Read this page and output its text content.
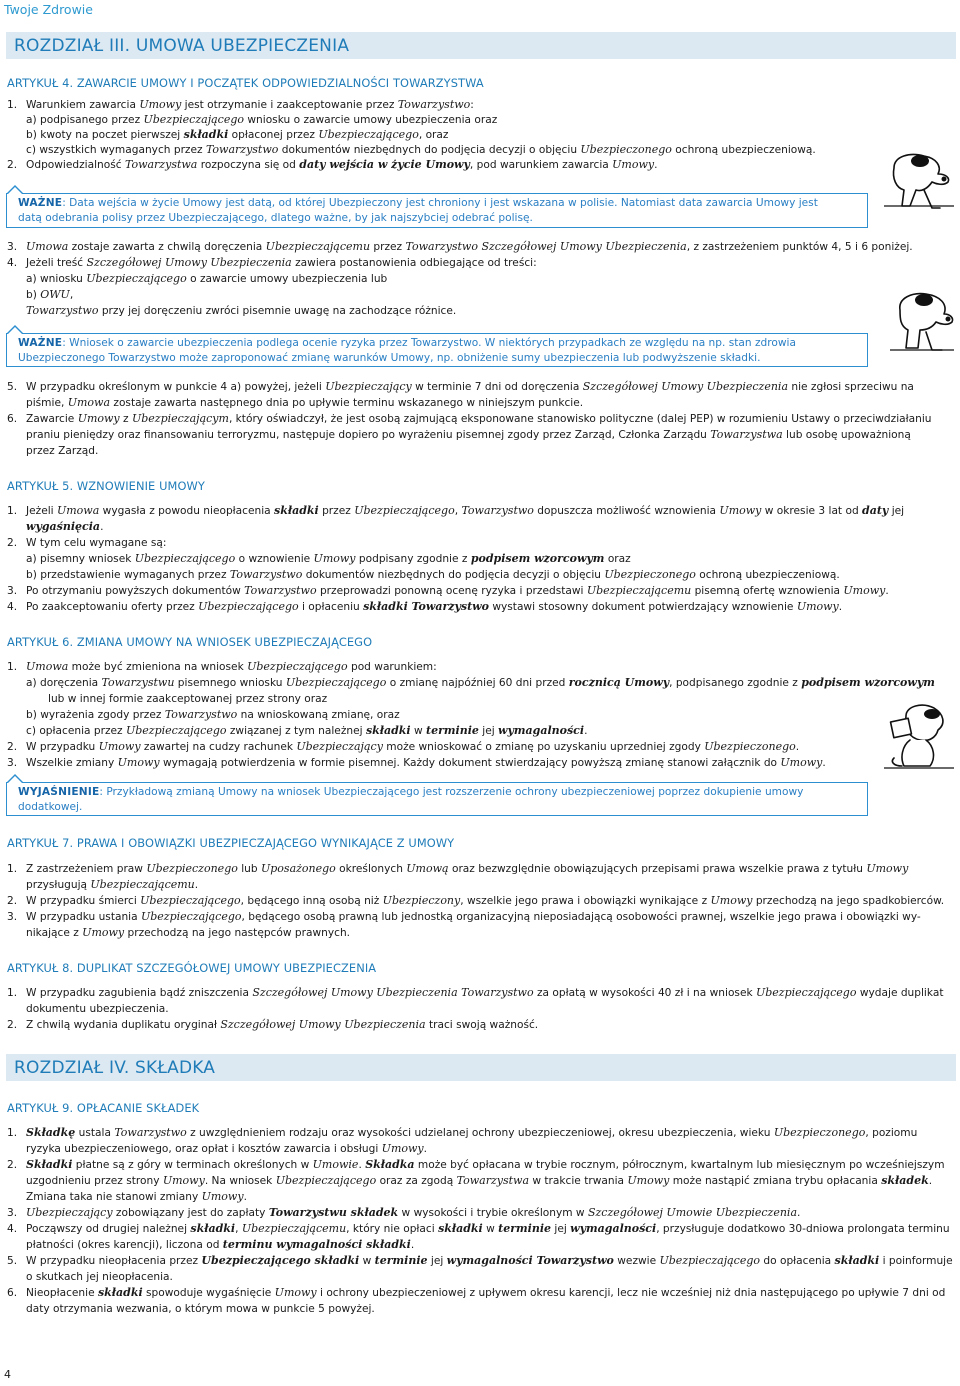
Twoje Zdrowie
ROZDZIAŁ III. UMOWA UBEZPIECZENIA
ARTYKUŁ 4. ZAWARCIE UMOWY I POCZĄTEK ODPOWIEDZIALNOŚCI TOWARZYSTWA
1. Warunkiem zawarcia Umowy jest otrzymanie i zaakceptowanie przez Towarzystwo:
a) podpisanego przez Ubezpieczającego wniosku o zawarcie umowy ubezpieczenia oraz
b) kwoty na poczet pierwszej składki opłaconej przez Ubezpieczającego, oraz
c) wszystkich wymaganych przez Towarzystwo dokumentów niezbędnych do podjęcia decyzji o objęciu Ubezpieczonego ochroną ubezpieczeniową.
2. Odpowiedzialność Towarzystwa rozpoczyna się od daty wejścia w życie Umowy, pod warunkiem zawarcia Umowy.
WAŻNE: Data wejścia w życie Umowy jest datą, od której Ubezpieczony jest chroniony i jest wskazana w polisie. Natomiast data zawarcia Umowy jest
datą odebrania polisy przez Ubezpieczającego, dlatego ważne, by jak najszybciej odebrać polisę.
3. Umowa zostaje zawarta z chwilą doręczenia Ubezpieczającemu przez Towarzystwo Szczegółowej Umowy Ubezpieczenia, z zastrzeżeniem punktów 4, 5 i 6 poniżej.
4. Jeżeli treść Szczegółowej Umowy Ubezpieczenia zawiera postanowienia odbiegające od treści:
a) wniosku Ubezpieczającego o zawarcie umowy ubezpieczenia lub
b) OWU,
Towarzystwo przy jej doręczeniu zwróci pisemnie uwagę na zachodzące różnice.
WAŻNE: Wniosek o zawarcie ubezpieczenia podlega ocenie ryzyka przez Towarzystwo. W niektórych przypadkach ze względu na np. stan zdrowia
Ubezpieczonego Towarzystwo może zaproponować zmianę warunków Umowy, np. obniżenie sumy ubezpieczenia lub podwyższenie składki.
5. W przypadku określonym w punkcie 4 a) powyżej, jeżeli Ubezpieczający w terminie 7 dni od doręczenia Szczegółowej Umowy Ubezpieczenia nie zgłosi sprzeciwu na
piśmie, Umowa zostaje zawarta następnego dnia po upływie terminu wskazanego w niniejszym punkcie.
6. Zawarcie Umowy z Ubezpieczającym, który oświadczył, że jest osobą zajmującą eksponowane stanowisko polityczne (dalej PEP) w rozumieniu Ustawy o przeciwdziałaniu
praniu pieniędzy oraz finansowaniu terroryzmu, następuje dopiero po wyrażeniu pisemnej zgody przez Zarząd, Członka Zarządu Towarzystwa lub osobę upoważnioną
przez Zarząd.
ARTYKUŁ 5. WZNOWIENIE UMOWY
1. Jeżeli Umowa wygasła z powodu nieopłacenia składki przez Ubezpieczającego, Towarzystwo dopuszcza możliwość wznowienia Umowy w okresie 3 lat od daty jej
wygaśnięcia.
2. W tym celu wymagane są:
a) pisemny wniosek Ubezpieczającego o wznowienie Umowy podpisany zgodnie z podpisem wzorcowym oraz
b) przedstawienie wymaganych przez Towarzystwo dokumentów niezbędnych do podjęcia decyzji o objęciu Ubezpieczonego ochroną ubezpieczeniową.
3. Po otrzymaniu powyższych dokumentów Towarzystwo przeprowadzi ponowną ocenę ryzyka i przedstawi Ubezpieczającemu pisemną ofertę wznowienia Umowy.
4. Po zaakceptowaniu oferty przez Ubezpieczającego i opłaceniu składki Towarzystwo wystawi stosowny dokument potwierdzający wznowienie Umowy.
ARTYKUŁ 6. ZMIANA UMOWY NA WNIOSEK UBEZPIECZAJĄCEGO
1. Umowa może być zmieniona na wniosek Ubezpieczającego pod warunkiem:
a) doręczenia Towarzystwu pisemnego wniosku Ubezpieczającego o zmianę najpóźniej 60 dni przed rocznicą Umowy, podpisanego zgodnie z podpisem wzorcowym
lub w innej formie zaakceptowanej przez strony oraz
b) wyrażenia zgody przez Towarzystwo na wnioskowaną zmianę, oraz
c) opłacenia przez Ubezpieczającego związanej z tym należnej składki w terminie jej wymagalności.
2. W przypadku Umowy zawartej na cudzy rachunek Ubezpieczający może wnioskować o zmianę po uzyskaniu uprzedniej zgody Ubezpieczonego.
3. Wszelkie zmiany Umowy wymagają potwierdzenia w formie pisemnej. Każdy dokument stwierdzający powyższą zmianę stanowi załącznik do Umowy.
WYJAŚNIENIE: Przykładową zmianą Umowy na wniosek Ubezpieczającego jest rozszerzenie ochrony ubezpieczeniowej poprzez dokupienie umowy
dodatkowej.
ARTYKUŁ 7. PRAWA I OBOWIĄZKI UBEZPIECZAJĄCEGO WYNIKAJĄCE Z UMOWY
1. Z zastrzeżeniem praw Ubezpieczonego lub Uposażonego określonych Umową oraz bezwzględnie obowiązujących przepisami prawa wszelkie prawa z tytułu Umowy
przysługują Ubezpieczającemu.
2. W przypadku śmierci Ubezpieczającego, będącego inną osobą niż Ubezpieczony, wszelkie jego prawa i obowiązki wynikające z Umowy przechodzą na jego spadkobierców.
3. W przypadku ustania Ubezpieczającego, będącego osobą prawną lub jednostką organizacyjną nieposiadającą osobowości prawnej, wszelkie jego prawa i obowiązki wy-
nikające z Umowy przechodzą na jego następców prawnych.
ARTYKUŁ 8. DUPLIKAT SZCZEGÓŁOWEJ UMOWY UBEZPIECZENIA
1. W przypadku zagubienia bądź zniszczenia Szczegółowej Umowy Ubezpieczenia Towarzystwo za opłatą w wysokości 40 zł i na wniosek Ubezpieczającego wydaje duplikat
dokumentu ubezpieczenia.
2. Z chwilą wydania duplikatu oryginał Szczegółowej Umowy Ubezpieczenia traci swoją ważność.
ROZDZIAŁ IV. SKŁADKA
ARTYKUŁ 9. OPŁACANIE SKŁADEK
1. Składkę ustala Towarzystwo z uwzględnieniem rodzaju oraz wysokości udzielanej ochrony ubezpieczeniowej, okresu ubezpieczenia, wieku Ubezpieczonego, poziomu
ryzyka ubezpieczeniowego, oraz opłat i kosztów zawarcia i obsługi Umowy.
2. Składki płatne są z góry w terminach określonych w Umowie. Składka może być opłacana w trybie rocznym, półrocznym, kwartalnym lub miesięcznym po wcześniejszym
uzgodnieniu przez strony Umowy. Na wniosek Ubezpieczającego oraz za zgodą Towarzystwa w trakcie trwania Umowy może nastąpić zmiana trybu opłacania składek.
Zmiana taka nie stanowi zmiany Umowy.
3. Ubezpieczający zobowiązany jest do zapłaty Towarzystwu składek w wysokości i trybie określonym w Szczegółowej Umowie Ubezpieczenia.
4. Począwszy od drugiej należnej składki, Ubezpieczającemu, który nie opłaci składki w terminie jej wymagalności, przysługuje dodatkowo 30-dniowa prolongata terminu
płatności (okres karencji), liczona od terminu wymagalności składki.
5. W przypadku nieopłacenia przez Ubezpieczającego składki w terminie jej wymagalności Towarzystwo wezwie Ubezpieczającego do opłacenia składki i poinformuje
o skutkach jej nieopłacenia.
6. Nieopłacenie składki spowoduje wygaśnięcie Umowy i ochrony ubezpieczeniowej z upływem okresu karencji, lecz nie wcześniej niż dnia następującego po upływie 7 dni od
daty otrzymania wezwania, o którym mowa w punkcie 5 powyżej.
4
